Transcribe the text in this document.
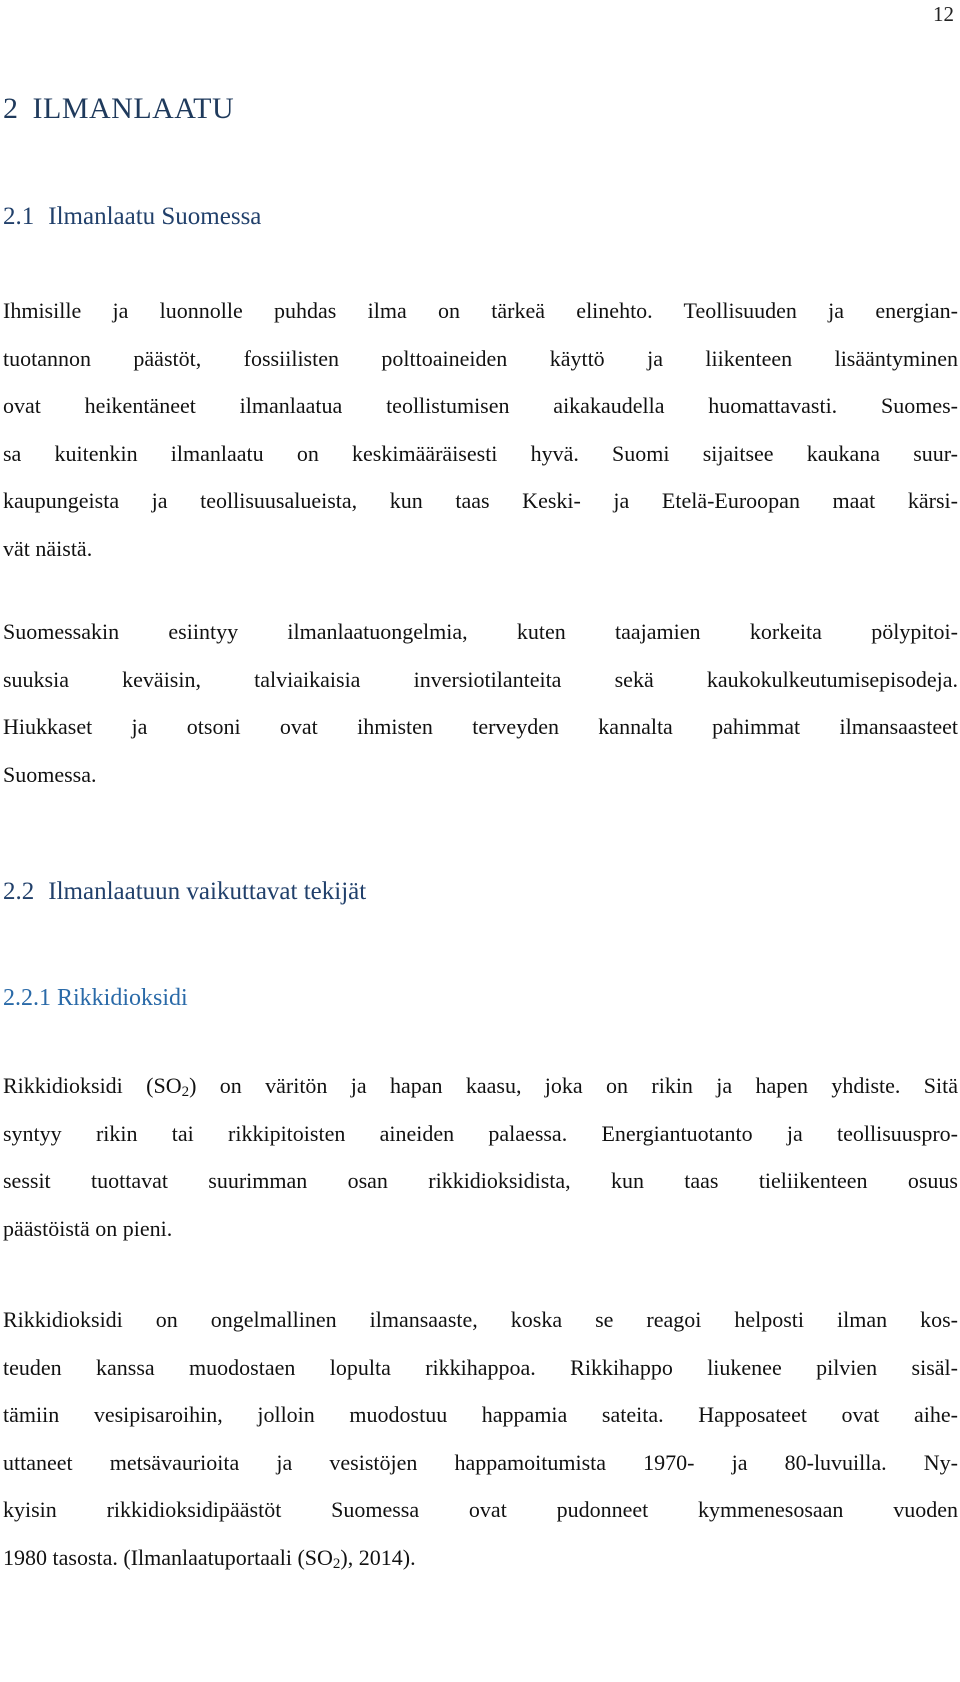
12
2 ILMANLAATU
2.1 Ilmanlaatu Suomessa
Ihmisille ja luonnolle puhdas ilma on tärkeä elinehto. Teollisuuden ja energian-
tuotannon päästöt, fossiilisten polttoaineiden käyttö ja liikenteen lisääntyminen
ovat heikentäneet ilmanlaatua teollistumisen aikakaudella huomattavasti. Suomes-
sa kuitenkin ilmanlaatu on keskimääräisesti hyvä. Suomi sijaitsee kaukana suur-
kaupungeista ja teollisuusalueista, kun taas Keski- ja Etelä-Euroopan maat kärsi-
vät näistä.
Suomessakin esiintyy ilmanlaatuongelmia, kuten taajamien korkeita pölypitoi-
suuksia keväisin, talviaikaisia inversiotilanteita sekä kaukokulkeutumisepisodeja.
Hiukkaset ja otsoni ovat ihmisten terveyden kannalta pahimmat ilmansaasteet
Suomessa.
2.2 Ilmanlaatuun vaikuttavat tekijät
2.2.1 Rikkidioksidi
Rikkidioksidi $(SO_2)$ on väritön ja hapan kaasu, joka on rikin ja hapen yhdiste. Sitä
syntyy rikin tai rikkipitoisten aineiden palaessa. Energiantuotanto ja teollisuuspro-
sessit tuottavat suurimman osan rikkidioksidista, kun taas tieliikenteen osuus
päästöistä on pieni.
Rikkidioksidi on ongelmallinen ilmansaaste, koska se reagoi helposti ilman kos-
teuden kanssa muodostaen lopulta rikkihappoa. Rikkihappo liukenee pilvien sisäl-
tämiin vesipisaroihin, jolloin muodostuu happamia sateita. Happosateet ovat aihe-
uttaneet metsävaurioita ja vesistöjen happamoitumista 1970- ja 80-luvuilla. Ny-
kyisin rikkidioksidipäästöt Suomessa ovat pudonneet kymmenesosaan vuoden
1980 tasosta. (Ilmanlaatuportaali $(SO_2)$, 2014).
